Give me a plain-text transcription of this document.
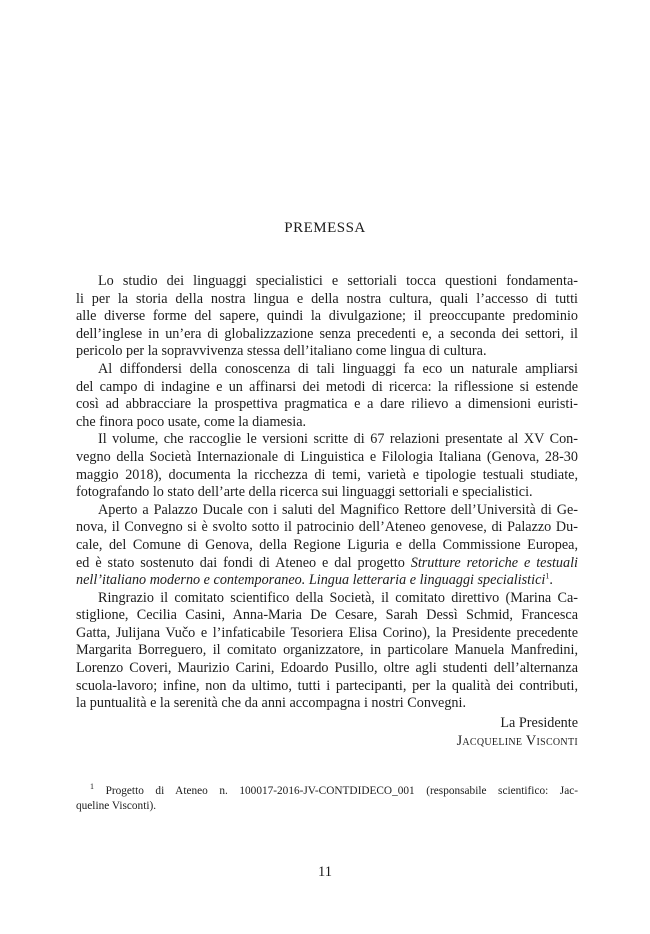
PREMESSA
Lo studio dei linguaggi specialistici e settoriali tocca questioni fondamenta-
li per la storia della nostra lingua e della nostra cultura, quali l’accesso di tutti
alle diverse forme del sapere, quindi la divulgazione; il preoccupante predominio
dell’inglese in un’era di globalizzazione senza precedenti e, a seconda dei settori, il
pericolo per la sopravvivenza stessa dell’italiano come lingua di cultura.
Al diffondersi della conoscenza di tali linguaggi fa eco un naturale ampliarsi
del campo di indagine e un affinarsi dei metodi di ricerca: la riflessione si estende
così ad abbracciare la prospettiva pragmatica e a dare rilievo a dimensioni euristi-
che finora poco usate, come la diamesia.
Il volume, che raccoglie le versioni scritte di 67 relazioni presentate al XV Con-
vegno della Società Internazionale di Linguistica e Filologia Italiana (Genova, 28-30
maggio 2018), documenta la ricchezza di temi, varietà e tipologie testuali studiate,
fotografando lo stato dell’arte della ricerca sui linguaggi settoriali e specialistici.
Aperto a Palazzo Ducale con i saluti del Magnifico Rettore dell’Università di Ge-
nova, il Convegno si è svolto sotto il patrocinio dell’Ateneo genovese, di Palazzo Du-
cale, del Comune di Genova, della Regione Liguria e della Commissione Europea,
ed è stato sostenuto dai fondi di Ateneo e dal progetto Strutture retoriche e testuali
nell’italiano moderno e contemporaneo. Lingua letteraria e linguaggi specialistici$^1$.
Ringrazio il comitato scientifico della Società, il comitato direttivo (Marina Ca-
stiglione, Cecilia Casini, Anna-Maria De Cesare, Sarah Dessì Schmid, Francesca
Gatta, Julijana Vučo e l’infaticabile Tesoriera Elisa Corino), la Presidente precedente
Margarita Borreguero, il comitato organizzatore, in particolare Manuela Manfredini,
Lorenzo Coveri, Maurizio Carini, Edoardo Pusillo, oltre agli studenti dell’alternanza
scuola-lavoro; infine, non da ultimo, tutti i partecipanti, per la qualità dei contributi,
la puntualità e la serenità che da anni accompagna i nostri Convegni.
La Presidente
Jacqueline Visconti
$^1$ Progetto di Ateneo n. 100017-2016-JV-CONTDIDECO_001 (responsabile scientifico: Jac-
queline Visconti).
11
